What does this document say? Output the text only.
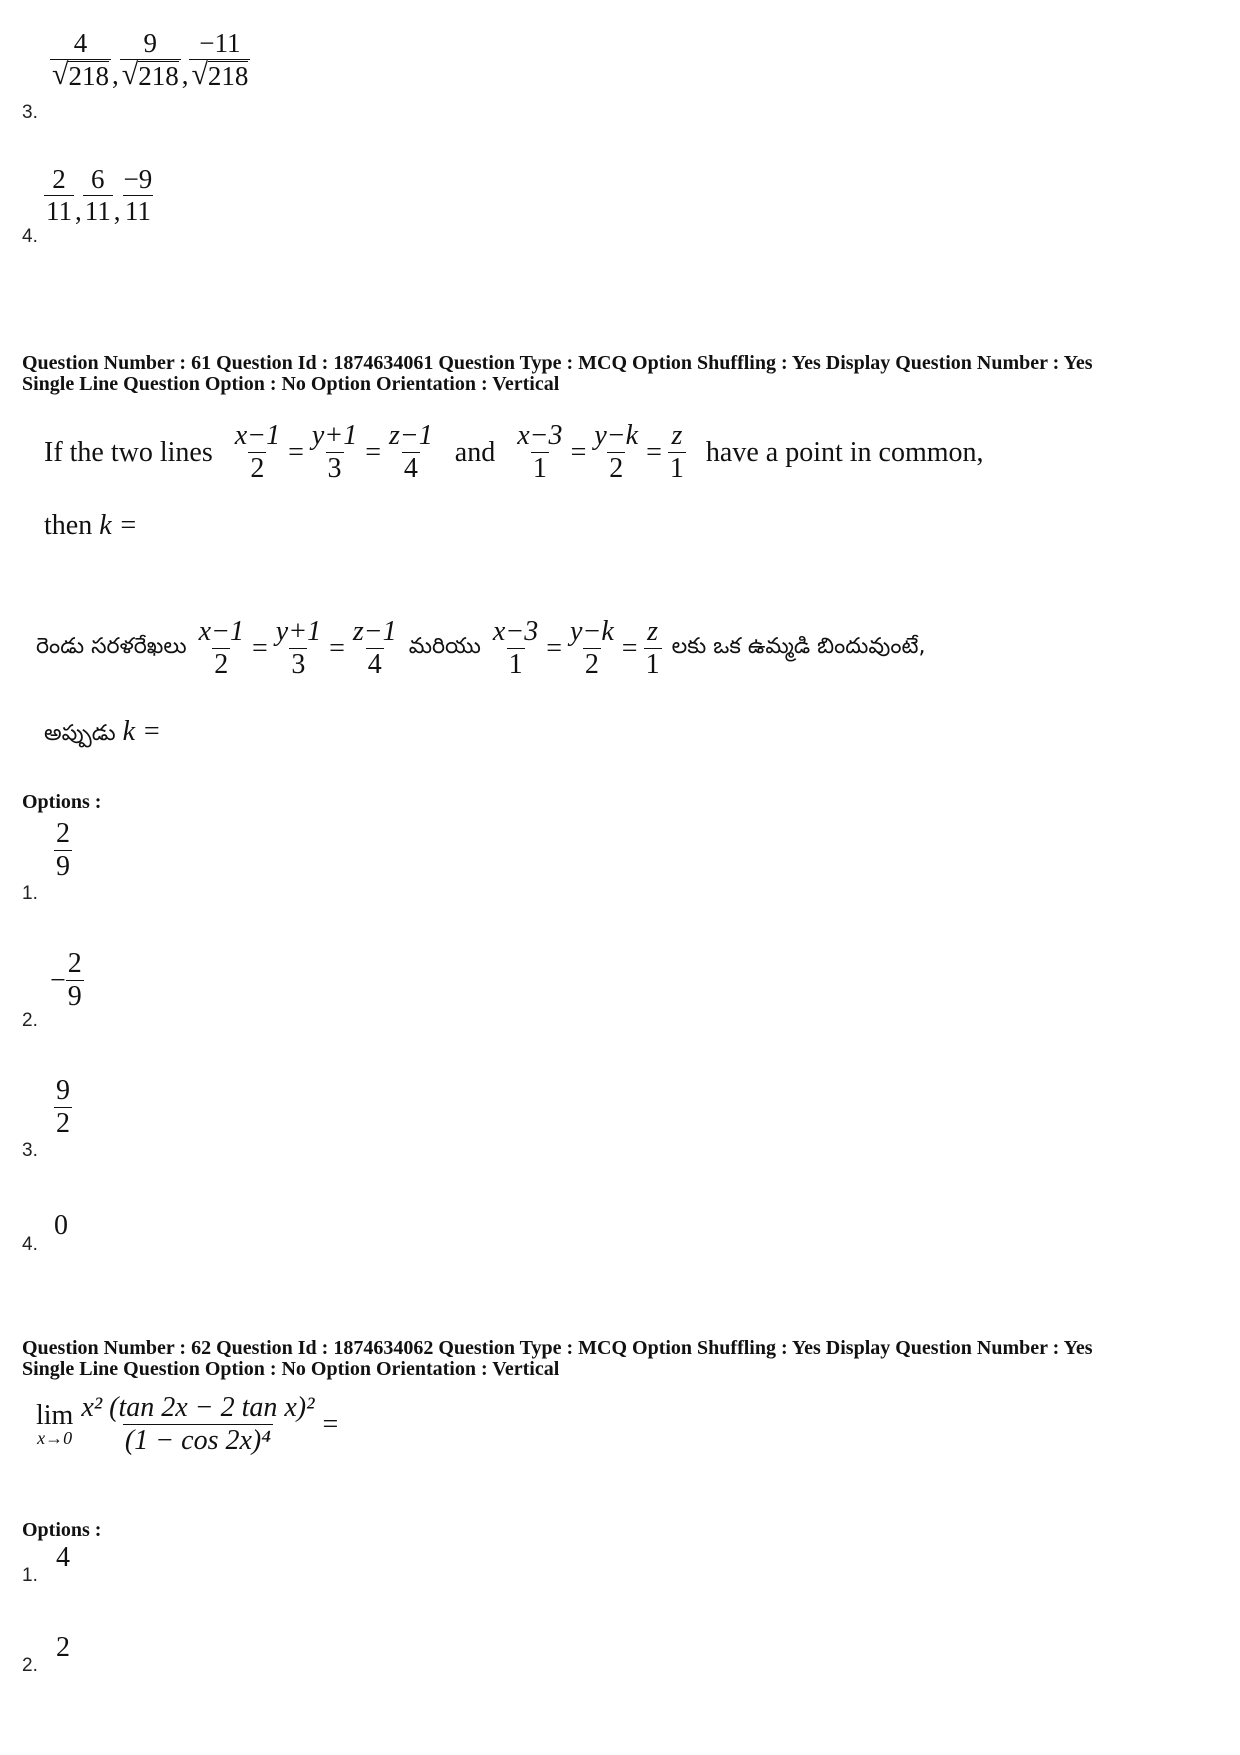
$\frac{4}{√ 218}$ , $\frac{9}{√ 218}$ , $\frac{-11}{√ 218}$
3.
$\frac{2}{11}$ , $\frac{6}{11}$ , $\frac{-9}{11}$
4.
Question Number : 61 Question Id : 1874634061 Question Type : MCQ Option Shuffling : Yes Display Question Number : Yes
Single Line Question Option : No Option Orientation : Vertical
If the two lines $\frac{x-1}{2} = \frac{y+1}{3} = \frac{z-1}{4}$ and $\frac{x-3}{1} = \frac{y-k}{2} = \frac{z}{1}$ have a point in common,
then k =
రెండు సరళరేఖలు $\frac{x-1}{2} = \frac{y+1}{3} = \frac{z-1}{4}$ మరియు $\frac{x-3}{1} = \frac{y-k}{2} = \frac{z}{1}$ లకు ఒక ఉమ్మడి బిందువుంటే,
అప్పుడు k =
Options :
$\frac{2}{9}$
1.
− $\frac{2}{9}$
2.
$\frac{9}{2}$
3.
0
4.
Question Number : 62 Question Id : 1874634062 Question Type : MCQ Option Shuffling : Yes Display Question Number : Yes
Single Line Question Option : No Option Orientation : Vertical
lim
$x\to 0 \frac{\text{x² (tan 2x − 2 tan x)²}}{\text{(1 − cos 2x)⁴}}$ =
Options :
4
1.
2
2.
